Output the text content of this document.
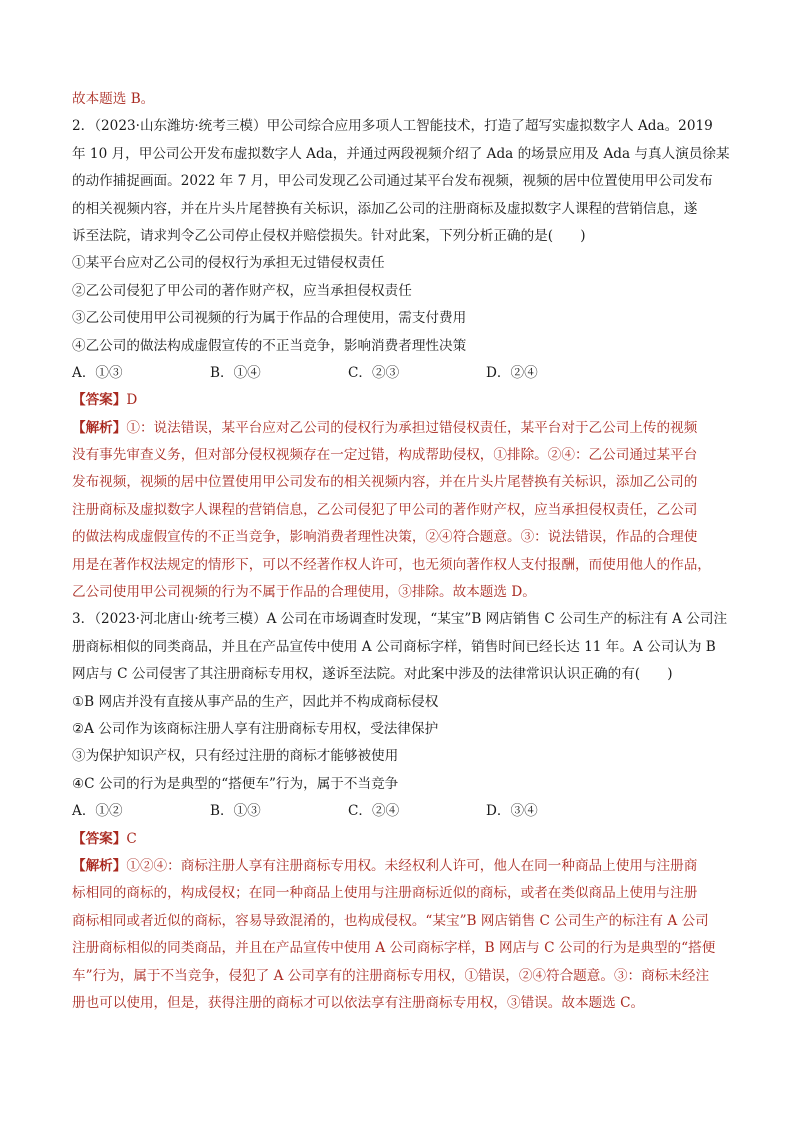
故本题选 B。
2．（2023·山东潍坊·统考三模）甲公司综合应用多项人工智能技术，打造了超写实虚拟数字人 Ada。2019
年 10 月，甲公司公开发布虚拟数字人 Ada，并通过两段视频介绍了 Ada 的场景应用及 Ada 与真人演员徐某
的动作捕捉画面。2022 年 7 月，甲公司发现乙公司通过某平台发布视频，视频的居中位置使用甲公司发布
的相关视频内容，并在片头片尾替换有关标识，添加乙公司的注册商标及虚拟数字人课程的营销信息，遂
诉至法院，请求判令乙公司停止侵权并赔偿损失。针对此案，下列分析正确的是(　　)
①某平台应对乙公司的侵权行为承担无过错侵权责任
②乙公司侵犯了甲公司的著作财产权，应当承担侵权责任
③乙公司使用甲公司视频的行为属于作品的合理使用，需支付费用
④乙公司的做法构成虚假宣传的不正当竞争，影响消费者理性决策
A．①③	B．①④	C．②③	D．②④
【答案】D
【解析】①：说法错误，某平台应对乙公司的侵权行为承担过错侵权责任，某平台对于乙公司上传的视频
没有事先审查义务，但对部分侵权视频存在一定过错，构成帮助侵权，①排除。②④：乙公司通过某平台
发布视频，视频的居中位置使用甲公司发布的相关视频内容，并在片头片尾替换有关标识，添加乙公司的
注册商标及虚拟数字人课程的营销信息，乙公司侵犯了甲公司的著作财产权，应当承担侵权责任，乙公司
的做法构成虚假宣传的不正当竞争，影响消费者理性决策，②④符合题意。③：说法错误，作品的合理使
用是在著作权法规定的情形下，可以不经著作权人许可，也无须向著作权人支付报酬，而使用他人的作品，
乙公司使用甲公司视频的行为不属于作品的合理使用，③排除。故本题选 D。
3．（2023·河北唐山·统考三模）A 公司在市场调查时发现，“某宝”B 网店销售 C 公司生产的标注有 A 公司注
册商标相似的同类商品，并且在产品宣传中使用 A 公司商标字样，销售时间已经长达 11 年。A 公司认为 B
网店与 C 公司侵害了其注册商标专用权，遂诉至法院。对此案中涉及的法律常识认识正确的有(　　)
①B 网店并没有直接从事产品的生产，因此并不构成商标侵权
②A 公司作为该商标注册人享有注册商标专用权，受法律保护
③为保护知识产权，只有经过注册的商标才能够被使用
④C 公司的行为是典型的“搭便车”行为，属于不当竞争
A．①②	B．①③	C．②④	D．③④
【答案】C
【解析】①②④：商标注册人享有注册商标专用权。未经权利人许可，他人在同一种商品上使用与注册商
标相同的商标的，构成侵权；在同一种商品上使用与注册商标近似的商标，或者在类似商品上使用与注册
商标相同或者近似的商标，容易导致混淆的，也构成侵权。“某宝”B 网店销售 C 公司生产的标注有 A 公司
注册商标相似的同类商品，并且在产品宣传中使用 A 公司商标字样，B 网店与 C 公司的行为是典型的“搭便
车”行为，属于不当竞争，侵犯了 A 公司享有的注册商标专用权，①错误，②④符合题意。③：商标未经注
册也可以使用，但是，获得注册的商标才可以依法享有注册商标专用权，③错误。故本题选 C。
